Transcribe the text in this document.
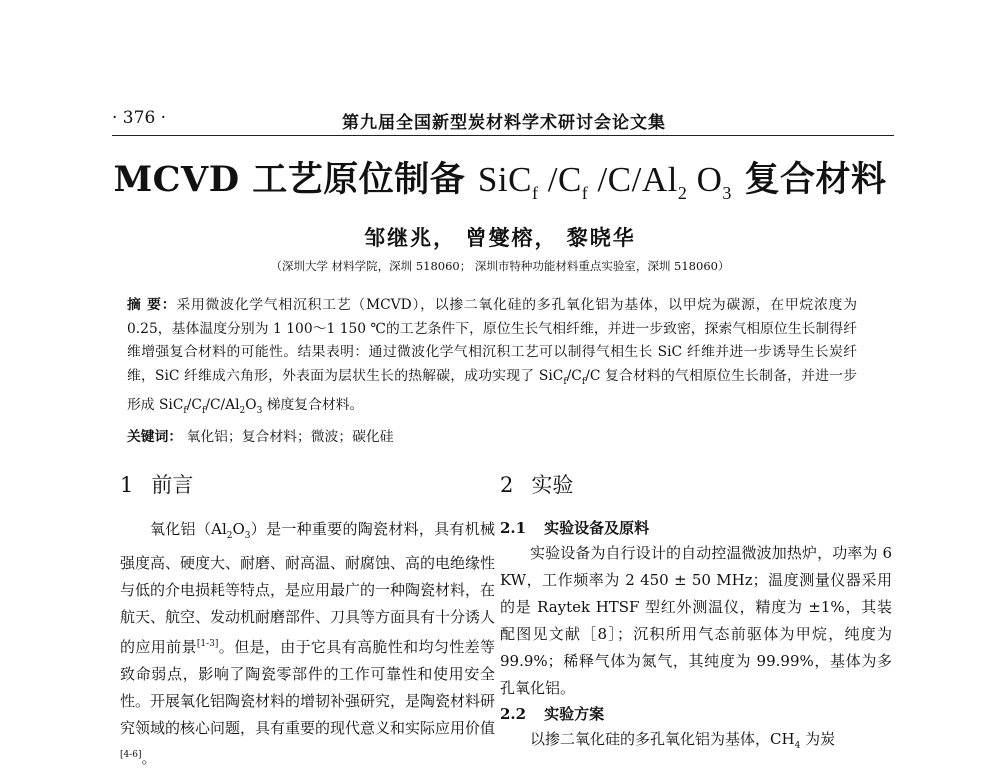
· 376 ·	第九届全国新型炭材料学术研讨会论文集
MCVD 工艺原位制备 SiC$_f$ $/C_f$ $/C/Al_2$ $O_3$ 复合材料
邹继兆， 曾燮榕， 黎晓华
（深圳大学 材料学院，深圳 518060； 深圳市特种功能材料重点实验室，深圳 518060）
摘 要：采用微波化学气相沉积工艺（MCVD），以掺二氧化硅的多孔氧化铝为基体，以甲烷为碳源，在甲烷浓度为 0.25，基体温度分别为 1 100～1 150 ℃的工艺条件下，原位生长气相纤维，并进一步致密，探索气相原位生长制得纤维增强复合材料的可能性。结果表明：通过微波化学气相沉积工艺可以制得气相生长 SiC 纤维并进一步诱导生长炭纤维，SiC 纤维成六角形，外表面为层状生长的热解碳，成功实现了 $SiC_f/C_f/C$ 复合材料的气相原位生长制备，并进一步形成 $SiC_f/C_f/C/Al_2O_3$ 梯度复合材料。
关键词： 氧化铝；复合材料；微波；碳化硅
1 前言

氧化铝$(Al_2O_3)$是一种重要的陶瓷材料，具有机械强度高、硬度大、耐磨、耐高温、耐腐蚀、高的电绝缘性与低的介电损耗等特点，是应用最广的一种陶瓷材料，在航天、航空、发动机耐磨部件、刀具等方面具有十分诱人的应用前景[1-3]。但是，由于它具有高脆性和均匀性差等致命弱点，影响了陶瓷零部件的工作可靠性和使用安全性。开展氧化铝陶瓷材料的增韧补强研究，是陶瓷材料研究领域的核心问题，具有重要的现代意义和实际应用价值[4-6]。

2 实验
2.1 实验设备及原料

实验设备为自行设计的自动控温微波加热炉，功率为 6 KW，工作频率为 2 450 ± 50 MHz；温度测量仪器采用的是 Raytek HTSF 型红外测温仪，精度为 ±1%，其装配图见文献［8］；沉积所用气态前驱体为甲烷，纯度为 99.9%；稀释气体为氮气，其纯度为 99.99%，基体为多孔氧化铝。

2.2 实验方案

以掺二氧化硅的多孔氧化铝为基体，$CH_4$ 为炭
